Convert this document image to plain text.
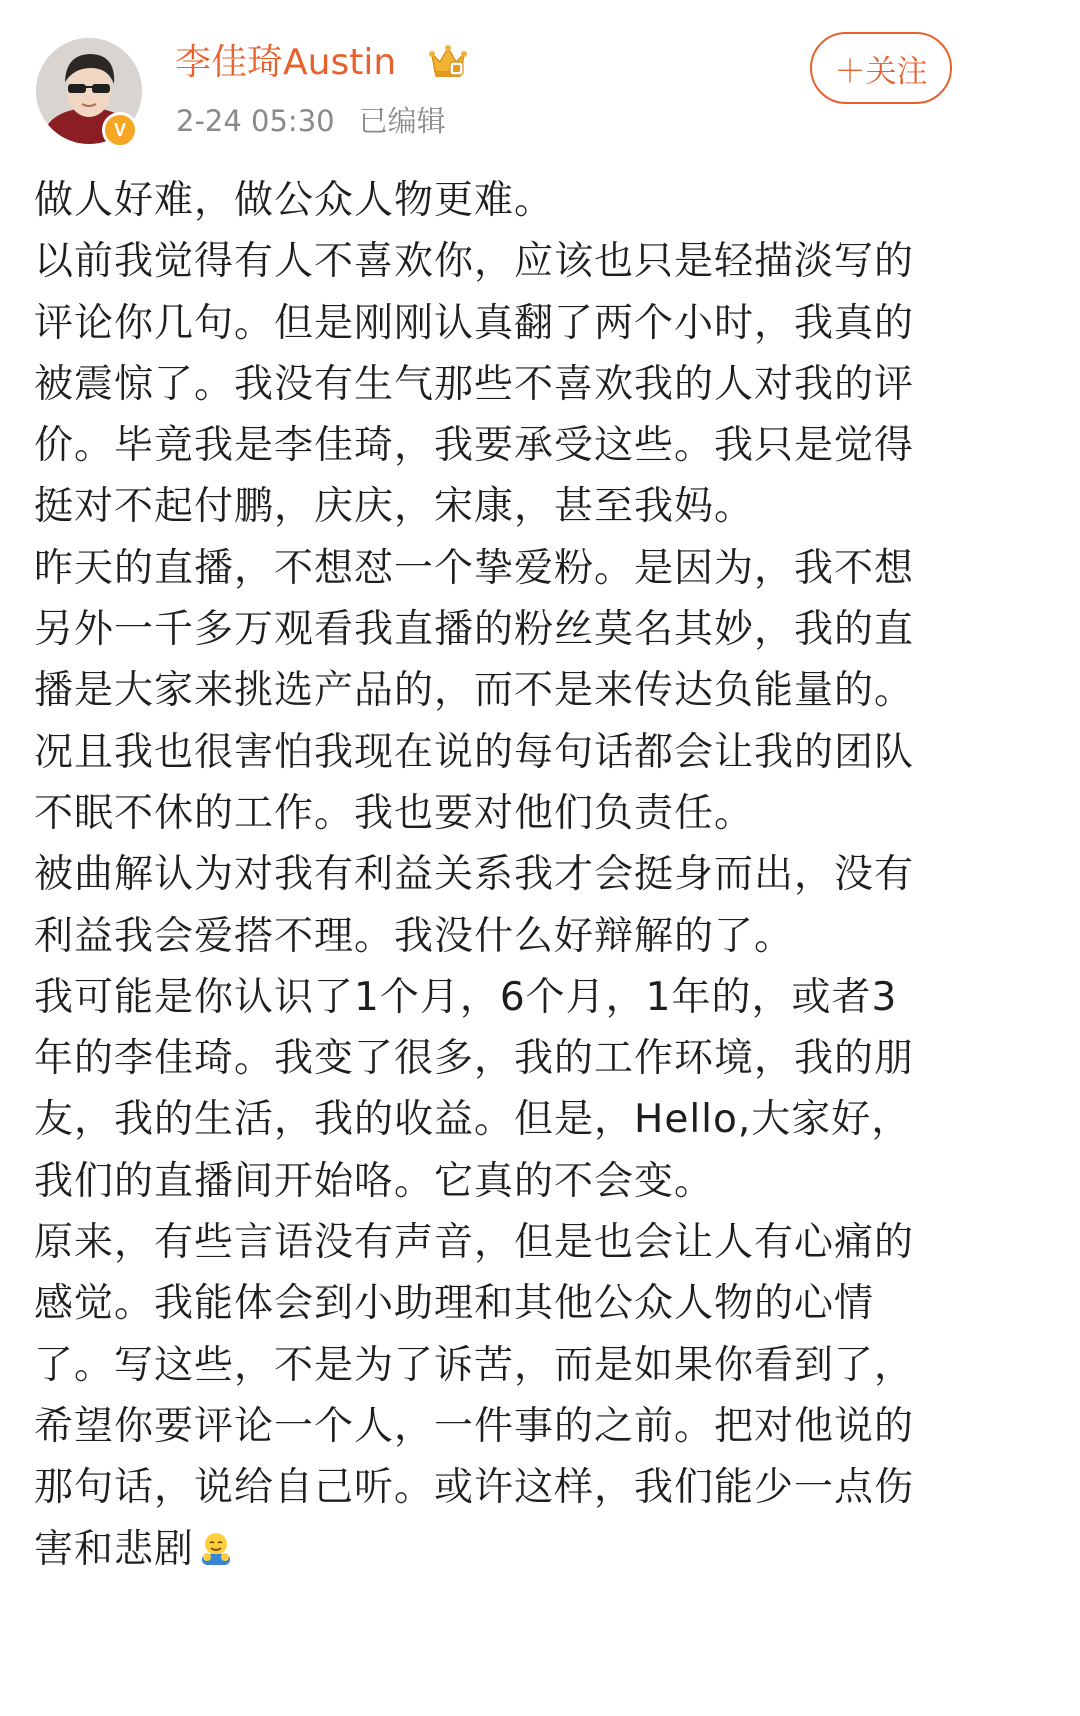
V
李佳琦Austin
2-24 05:30 已编辑
＋关注
做人好难，做公众人物更难。
以前我觉得有人不喜欢你，应该也只是轻描淡写的
评论你几句。但是刚刚认真翻了两个小时，我真的
被震惊了。我没有生气那些不喜欢我的人对我的评
价。毕竟我是李佳琦，我要承受这些。我只是觉得
挺对不起付鹏，庆庆，宋康，甚至我妈。
昨天的直播，不想怼一个挚爱粉。是因为，我不想
另外一千多万观看我直播的粉丝莫名其妙，我的直
播是大家来挑选产品的，而不是来传达负能量的。
况且我也很害怕我现在说的每句话都会让我的团队
不眠不休的工作。我也要对他们负责任。
被曲解认为对我有利益关系我才会挺身而出，没有
利益我会爱搭不理。我没什么好辩解的了。
我可能是你认识了1个月，6个月，1年的，或者3
年的李佳琦。我变了很多，我的工作环境，我的朋
友，我的生活，我的收益。但是，Hello,大家好，
我们的直播间开始咯。它真的不会变。
原来，有些言语没有声音，但是也会让人有心痛的
感觉。我能体会到小助理和其他公众人物的心情
了。写这些，不是为了诉苦，而是如果你看到了，
希望你要评论一个人，一件事的之前。把对他说的
那句话，说给自己听。或许这样，我们能少一点伤
害和悲剧
